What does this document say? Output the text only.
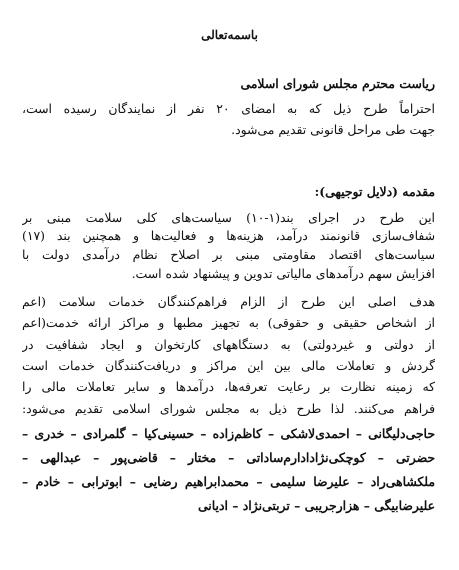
باسمه‌تعالی
ریاست محترم مجلس شورای اسلامی
احتراماً طرح ذیل که به امضای ۲۰ نفر از نمایندگان رسیده است،
جهت طی مراحل قانونی تقدیم می‌شود.
مقدمه (دلایل توجیهی):
این طرح در اجرای بند(۱-۱۰) سیاست‌های کلی سلامت مبنی بر
شفاف‌سازی قانونمند درآمد، هزینه‌ها و فعالیت‌ها و همچنین بند (۱۷)
سیاست‌های اقتصاد مقاومتی مبنی بر اصلاح نظام درآمدی دولت با
افزایش سهم درآمدهای مالیاتی تدوین و پیشنهاد شده است.
هدف اصلی این طرح از الزام فراهم‌کنندگان خدمات سلامت (اعم
از اشخاص حقیقی و حقوقی) به تجهیز مطبها و مراکز ارائه خدمت(اعم
از دولتی و غیردولتی) به دستگاههای کارتخوان و ایجاد شفافیت در
گردش و تعاملات مالی بین این مراکز و دریافت‌کنندگان خدمات است
که زمینه نظارت بر رعایت تعرفه‌ها، درآمدها و سایر تعاملات مالی را
فراهم می‌کنند. لذا طرح ذیل به مجلس شورای اسلامی تقدیم می‌شود:
حاجی‌دلیگانی – احمدی‌لاشکی – کاظم‌زاده – حسینی‌کیا – گلمرادی – خدری –
حضرتی – کوچکی‌نژاد‌ادارم‌ساداتی – مختار – قاضی‌پور – عبدالهی –
ملکشاهی‌راد – علیرضا سلیمی – محمدابراهیم رضایی – ابوترابی – خادم –
علیرضابیگی – هزارجریبی – تربتی‌نژاد – ادیانی
